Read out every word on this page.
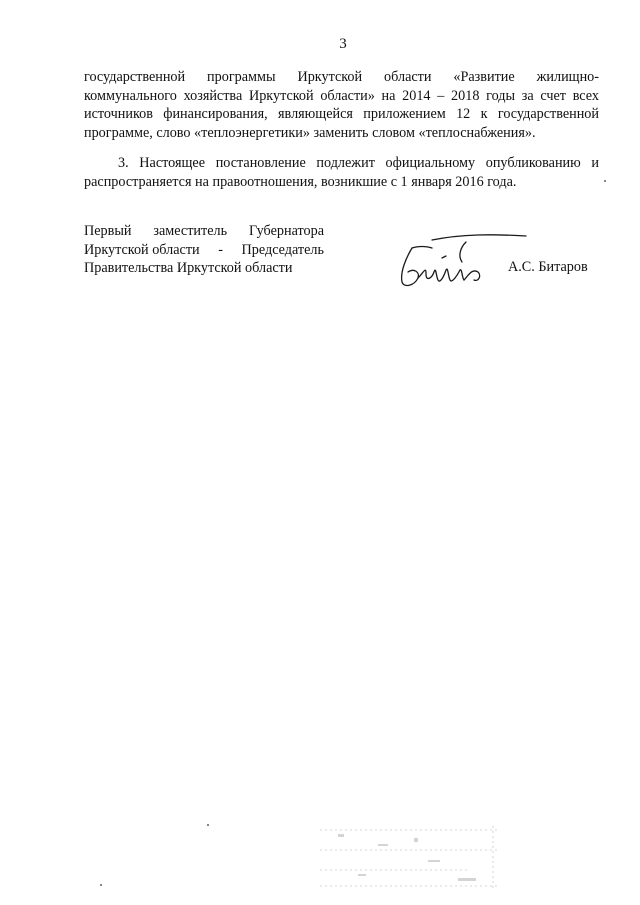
3

государственной программы Иркутской области «Развитие жилищно-коммунального хозяйства Иркутской области» на 2014 – 2018 годы за счет всех источников финансирования, являющейся приложением 12 к государственной программе, слово «теплоэнергетики» заменить словом «теплоснабжения».

3. Настоящее постановление подлежит официальному опубликованию и распространяется на правоотношения, возникшие с 1 января 2016 года.

Первый заместитель Губернатора
Иркутской области - Председатель
Правительства Иркутской области	А.С. Битаров
